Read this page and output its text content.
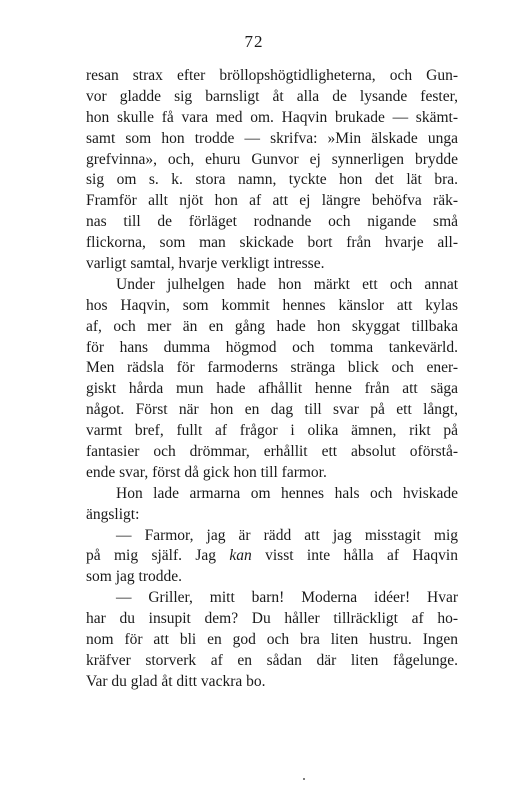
72
resan strax efter bröllopshögtidligheterna, och Gun-
vor gladde sig barnsligt åt alla de lysande fester,
hon skulle få vara med om. Haqvin brukade — skämt-
samt som hon trodde — skrifva: »Min älskade unga
grefvinna», och, ehuru Gunvor ej synnerligen brydde
sig om s. k. stora namn, tyckte hon det lät bra.
Framför allt njöt hon af att ej längre behöfva räk-
nas till de förläget rodnande och nigande små
flickorna, som man skickade bort från hvarje all-
varligt samtal, hvarje verkligt intresse.
Under julhelgen hade hon märkt ett och annat
hos Haqvin, som kommit hennes känslor att kylas
af, och mer än en gång hade hon skyggat tillbaka
för hans dumma högmod och tomma tankevärld.
Men rädsla för farmoderns stränga blick och ener-
giskt hårda mun hade afhållit henne från att säga
något. Först när hon en dag till svar på ett långt,
varmt bref, fullt af frågor i olika ämnen, rikt på
fantasier och drömmar, erhållit ett absolut oförstå-
ende svar, först då gick hon till farmor.
Hon lade armarna om hennes hals och hviskade
ängsligt:
— Farmor, jag är rädd att jag misstagit mig
på mig själf. Jag kan visst inte hålla af Haqvin
som jag trodde.
— Griller, mitt barn! Moderna idéer! Hvar
har du insupit dem? Du håller tillräckligt af ho-
nom för att bli en god och bra liten hustru. Ingen
kräfver storverk af en sådan där liten fågelunge.
Var du glad åt ditt vackra bo.
